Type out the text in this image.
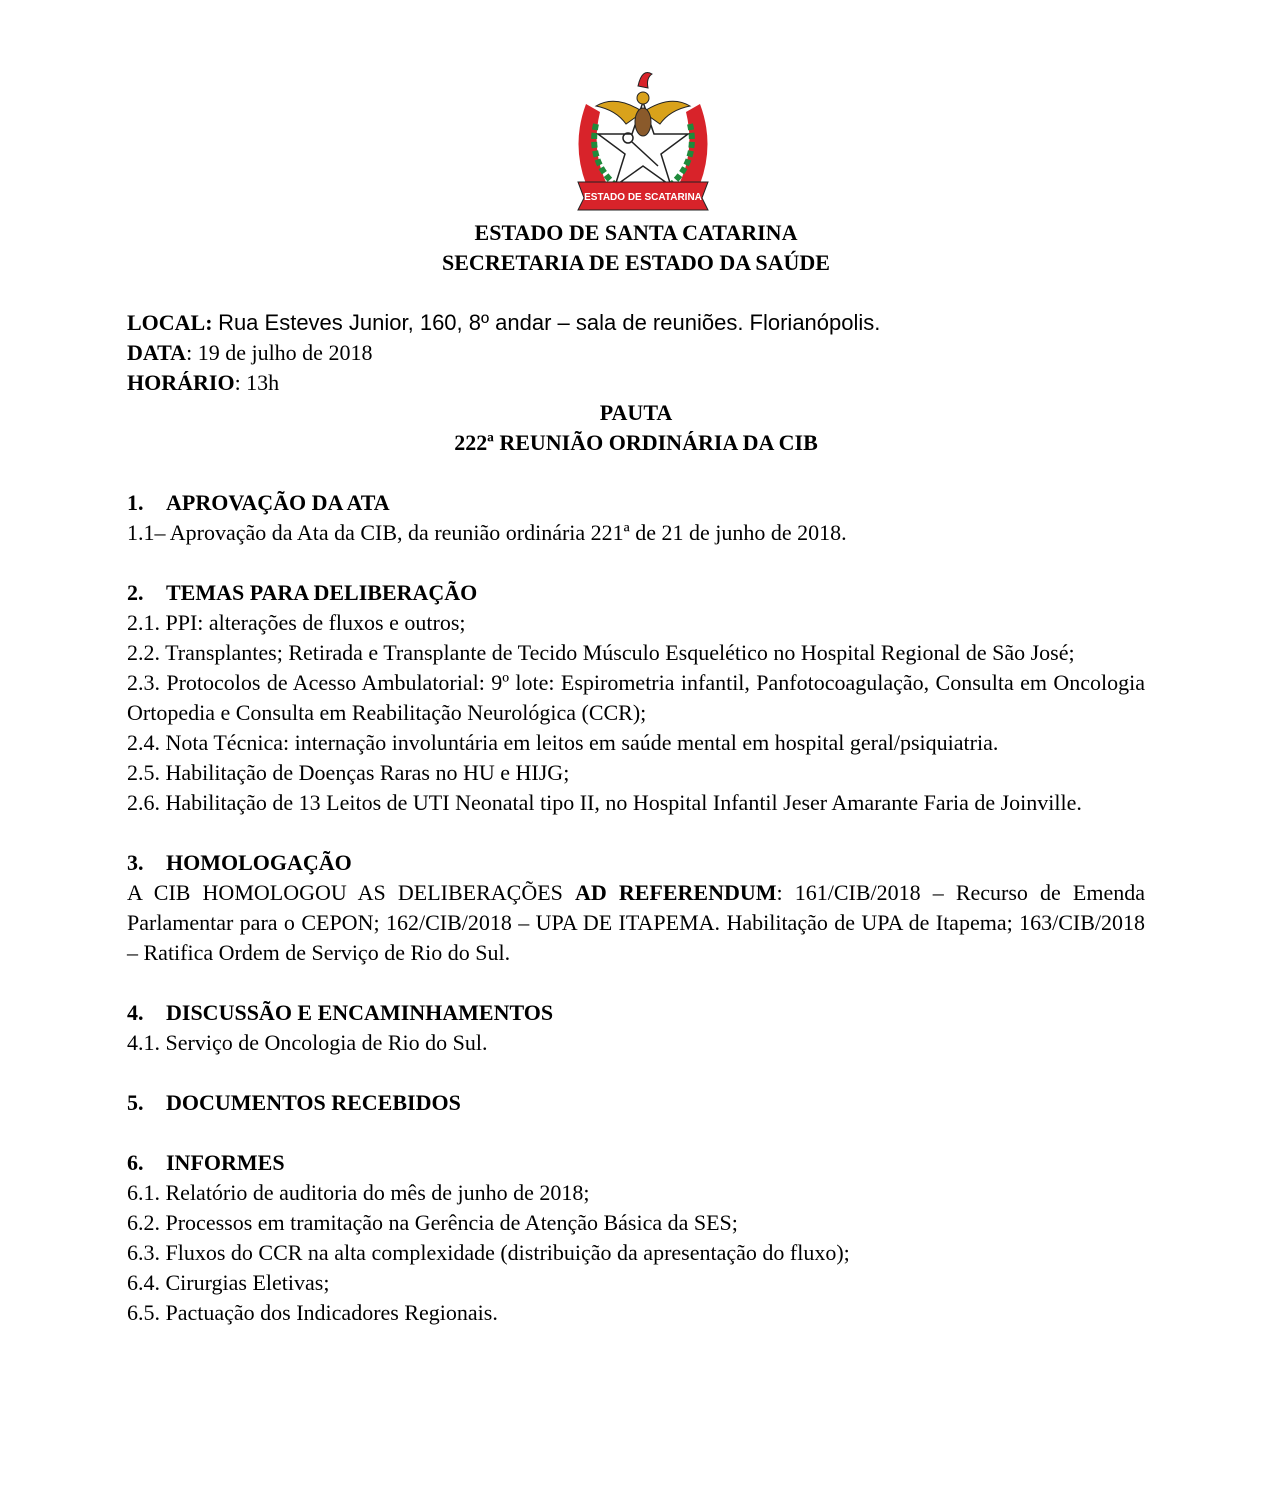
ESTADO DE SCATARINA
ESTADO DE SANTA CATARINA
SECRETARIA DE ESTADO DA SAÚDE
LOCAL: Rua Esteves Junior, 160, 8º andar – sala de reuniões. Florianópolis.
DATA: 19 de julho de 2018
HORÁRIO: 13h
PAUTA
222ª REUNIÃO ORDINÁRIA DA CIB
1. APROVAÇÃO DA ATA

1.1– Aprovação da Ata da CIB, da reunião ordinária 221ª de 21 de junho de 2018.

2. TEMAS PARA DELIBERAÇÃO

2.1. PPI: alterações de fluxos e outros;

2.2. Transplantes; Retirada e Transplante de Tecido Músculo Esquelético no Hospital Regional de São José;

2.3. Protocolos de Acesso Ambulatorial: 9º lote: Espirometria infantil, Panfotocoagulação, Consulta em Oncologia Ortopedia e Consulta em Reabilitação Neurológica (CCR);

2.4. Nota Técnica: internação involuntária em leitos em saúde mental em hospital geral/psiquiatria.

2.5. Habilitação de Doenças Raras no HU e HIJG;

2.6. Habilitação de 13 Leitos de UTI Neonatal tipo II, no Hospital Infantil Jeser Amarante Faria de Joinville.

3. HOMOLOGAÇÃO

A CIB HOMOLOGOU AS DELIBERAÇÕES AD REFERENDUM: 161/CIB/2018 – Recurso de Emenda Parlamentar para o CEPON; 162/CIB/2018 – UPA DE ITAPEMA. Habilitação de UPA de Itapema; 163/CIB/2018 – Ratifica Ordem de Serviço de Rio do Sul.

4. DISCUSSÃO E ENCAMINHAMENTOS

4.1. Serviço de Oncologia de Rio do Sul.

5. DOCUMENTOS RECEBIDOS
6. INFORMES

6.1. Relatório de auditoria do mês de junho de 2018;

6.2. Processos em tramitação na Gerência de Atenção Básica da SES;

6.3. Fluxos do CCR na alta complexidade (distribuição da apresentação do fluxo);

6.4. Cirurgias Eletivas;

6.5. Pactuação dos Indicadores Regionais.
